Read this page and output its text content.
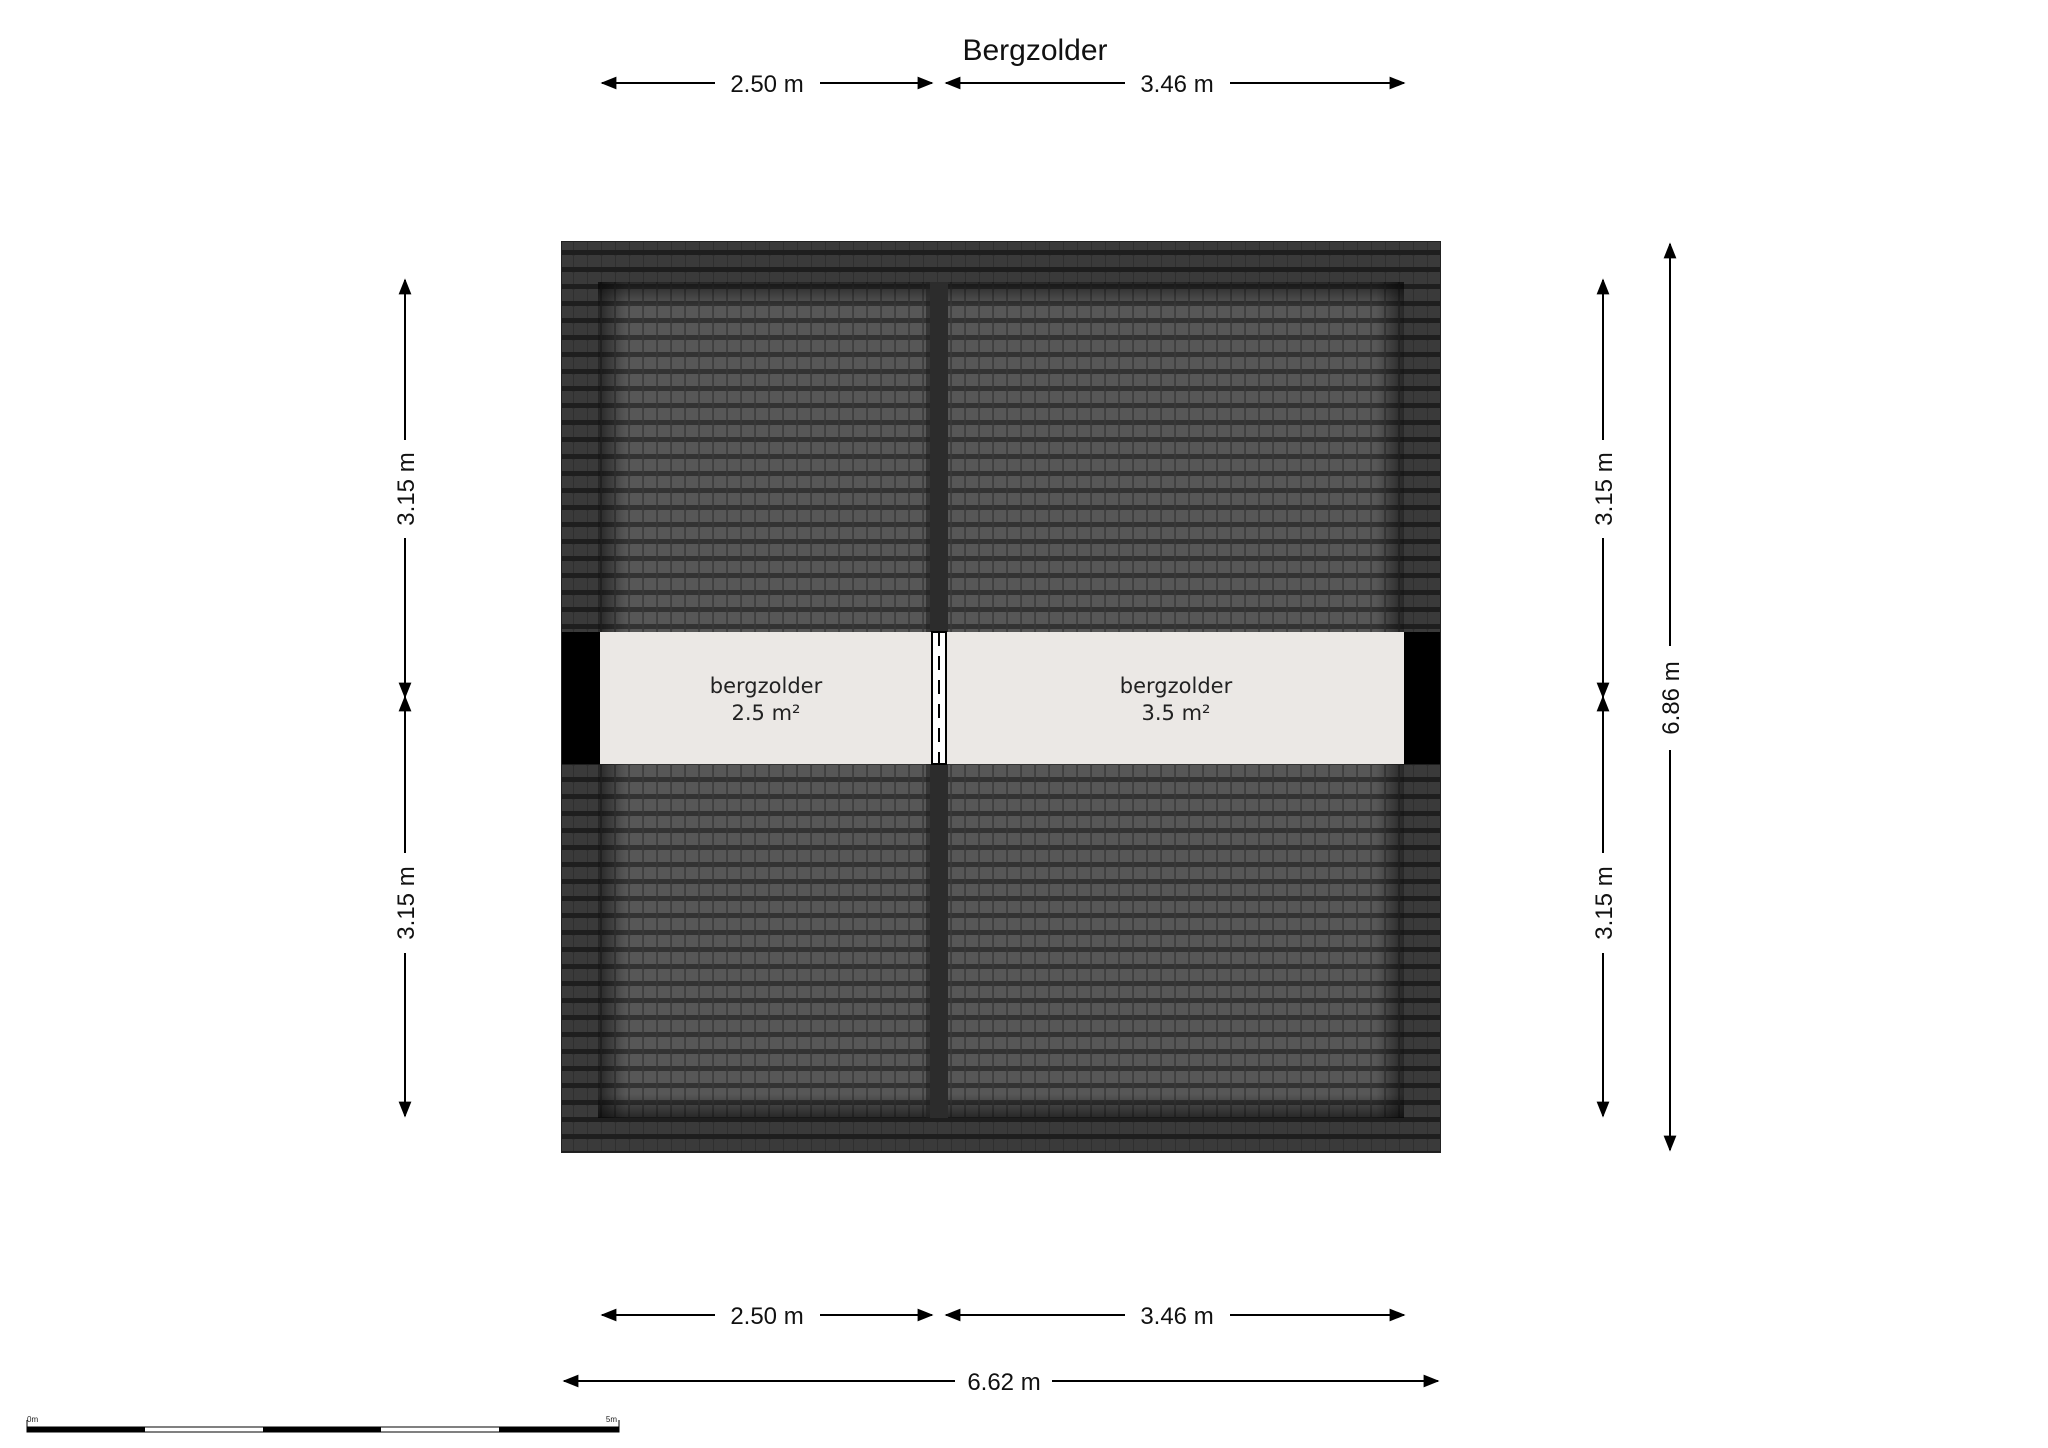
Bergzolder
bergzolder
2.5 m²
bergzolder
3.5 m²
2.50 m	3.46 m
2.50 m	3.46 m
6.62 m
3.15 m
3.15 m
3.15 m
3.15 m
6.86 m
0m	5m
